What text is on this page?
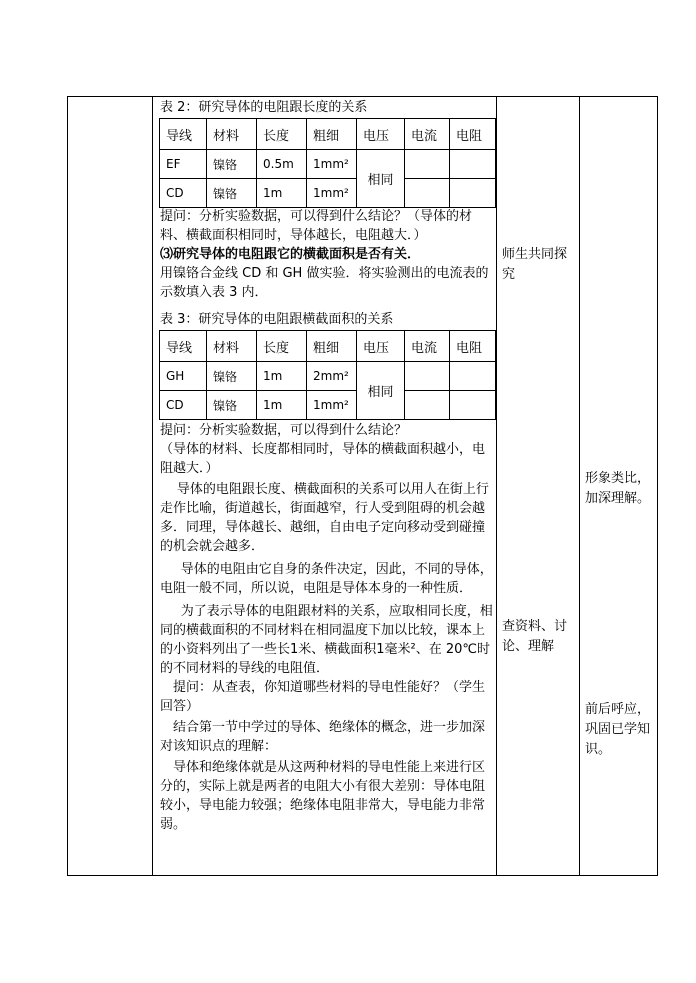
表 2：研究导体的电阻跟长度的关系
导线	材料	长度	粗细	电压	电流	电阻
EF	镍铬	0.5m	1mm²	相同		
CD	镍铬	1m	1mm²			

提问：分析实验数据，可以得到什么结论？（导体的材料、横截面积相同时，导体越长，电阻越大．）

⑶研究导体的电阻跟它的横截面积是否有关．

用镍铬合金线 CD 和 GH 做实验．将实验测出的电流表的示数填入表 3 内．

表 3：研究导体的电阻跟横截面积的关系
导线	材料	长度	粗细	电压	电流	电阻
GH	镍铬	1m	2mm²	相同		
CD	镍铬	1m	1mm²			

提问：分析实验数据，可以得到什么结论？

（导体的材料、长度都相同时，导体的横截面积越小，电阻越大．）

导体的电阻跟长度、横截面积的关系可以用人在街上行走作比喻，街道越长，街面越窄，行人受到阻碍的机会越多．同理，导体越长、越细，自由电子定向移动受到碰撞的机会就会越多．

导体的电阻由它自身的条件决定，因此，不同的导体，电阻一般不同，所以说，电阻是导体本身的一种性质．

为了表示导体的电阻跟材料的关系，应取相同长度，相同的横截面积的不同材料在相同温度下加以比较，课本上的小资料列出了一些长1米、横截面积1毫米²、在 20℃时的不同材料的导线的电阻值．

提问：从查表，你知道哪些材料的导电性能好？（学生回答）

结合第一节中学过的导体、绝缘体的概念，进一步加深对该知识点的理解：

导体和绝缘体就是从这两种材料的导电性能上来进行区分的，实际上就是两者的电阻大小有很大差别：导体电阻较小，导电能力较强；绝缘体电阻非常大，导电能力非常弱。

师生共同探究
查资料、讨论、理解
形象类比，加深理解。
前后呼应，巩固已学知识。
